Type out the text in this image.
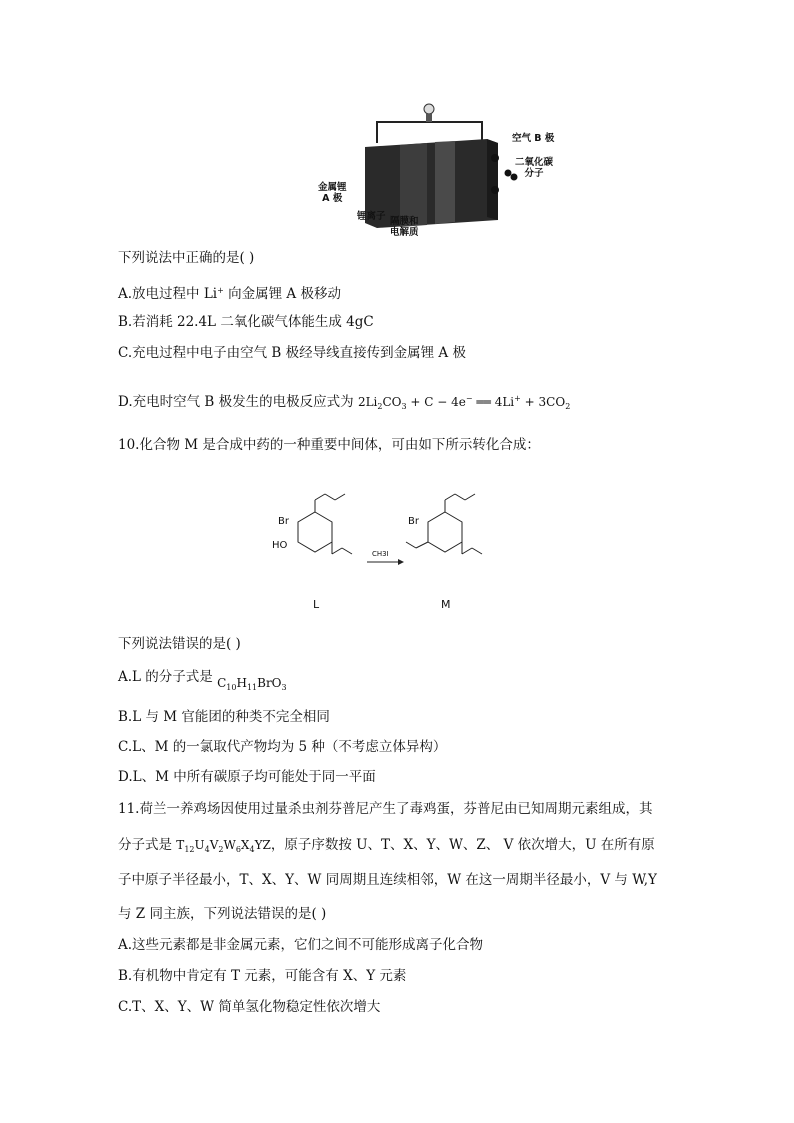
空气 B 极
二氧化碳
分子
金属锂
A 极
锂离子 隔膜和
电解质
下列说法中正确的是( )
A.放电过程中 Li+ 向金属锂 A 极移动
B.若消耗 22.4L 二氧化碳气体能生成 4gC
C.充电过程中电子由空气 B 极经导线直接传到金属锂 A 极
D.充电时空气 B 极发生的电极反应式为 $2Li_2CO_3 + C - 4e^-$ ══ $4Li^+ + 3CO_2$
10.化合物 M 是合成中药的一种重要中间体，可由如下所示转化合成：
Br
HO
Br
CH3I
L	M
下列说法错误的是( )
A.L 的分子式是 $C_{10}H_{11}BrO_3$
B.L 与 M 官能团的种类不完全相同
C.L、M 的一氯取代产物均为 5 种（不考虑立体异构）
D.L、M 中所有碳原子均可能处于同一平面
11.荷兰一养鸡场因使用过量杀虫剂芬普尼产生了毒鸡蛋，芬普尼由已知周期元素组成，其
分子式是 $T_{12}U_4V_2W_6X_4YZ$，原子序数按 U、T、X、Y、W、Z、 V 依次增大，U 在所有原
子中原子半径最小，T、X、Y、W 同周期且连续相邻，W 在这一周期半径最小，V 与 W,Y
与 Z 同主族，下列说法错误的是( )
A.这些元素都是非金属元素，它们之间不可能形成离子化合物
B.有机物中肯定有 T 元素，可能含有 X、Y 元素
C.T、X、Y、W 简单氢化物稳定性依次增大
